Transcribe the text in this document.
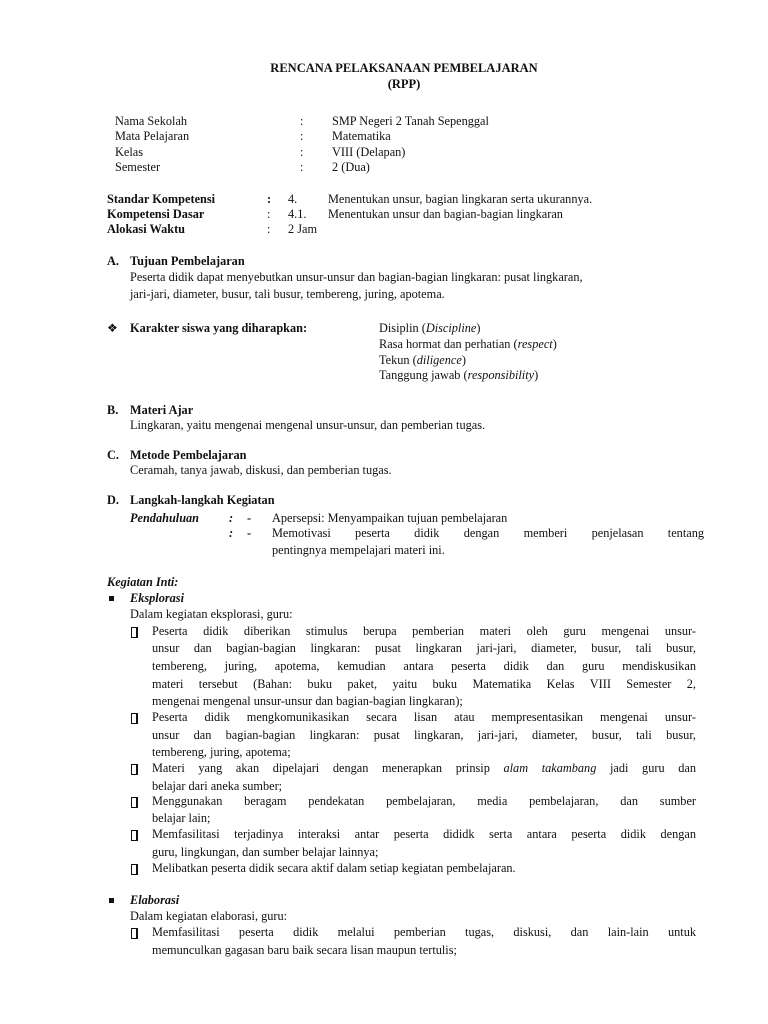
RENCANA PELAKSANAAN PEMBELAJARAN
(RPP)
Nama Sekolah	: SMP Negeri 2 Tanah Sepenggal
Mata Pelajaran	: Matematika
Kelas	: VIII (Delapan)
Semester	: 2 (Dua)
Standar Kompetensi	: 4.	Menentukan unsur, bagian lingkaran serta ukurannya.
Kompetensi Dasar	: 4.1. Menentukan unsur dan bagian-bagian lingkaran
Alokasi Waktu	: 2 Jam
A. Tujuan Pembelajaran
Peserta didik dapat menyebutkan unsur-unsur dan bagian-bagian lingkaran: pusat lingkaran,
jari-jari, diameter, busur, tali busur, tembereng, juring, apotema.
❖ Karakter siswa yang diharapkan:	Disiplin (Discipline)
Rasa hormat dan perhatian (respect)
Tekun (diligence)
Tanggung jawab (responsibility)
B. Materi Ajar
Lingkaran, yaitu mengenai mengenal unsur-unsur, dan pemberian tugas.
C. Metode Pembelajaran
Ceramah, tanya jawab, diskusi, dan pemberian tugas.
D. Langkah-langkah Kegiatan
Pendahuluan : - Apersepsi: Menyampaikan tujuan pembelajaran
: - Memotivasi peserta didik dengan memberi penjelasan tentang
pentingnya mempelajari materi ini.
Kegiatan Inti:
Eksplorasi
Dalam kegiatan eksplorasi, guru:
Peserta didik diberikan stimulus berupa pemberian materi oleh guru mengenai unsur-
unsur dan bagian-bagian lingkaran: pusat lingkaran jari-jari, diameter, busur, tali busur,
tembereng, juring, apotema, kemudian antara peserta didik dan guru mendiskusikan
materi tersebut (Bahan: buku paket, yaitu buku Matematika Kelas VIII Semester 2,
mengenai mengenal unsur-unsur dan bagian-bagian lingkaran);
Peserta didik mengkomunikasikan secara lisan atau mempresentasikan mengenai unsur-
unsur dan bagian-bagian lingkaran: pusat lingkaran, jari-jari, diameter, busur, tali busur,
tembereng, juring, apotema;
Materi yang akan dipelajari dengan menerapkan prinsip alam takambang jadi guru dan
belajar dari aneka sumber;
Menggunakan beragam pendekatan pembelajaran, media pembelajaran, dan sumber
belajar lain;
Memfasilitasi terjadinya interaksi antar peserta dididk serta antara peserta didik dengan
guru, lingkungan, dan sumber belajar lainnya;
Melibatkan peserta didik secara aktif dalam setiap kegiatan pembelajaran.
Elaborasi
Dalam kegiatan elaborasi, guru:
Memfasilitasi peserta didik melalui pemberian tugas, diskusi, dan lain-lain untuk
memunculkan gagasan baru baik secara lisan maupun tertulis;
